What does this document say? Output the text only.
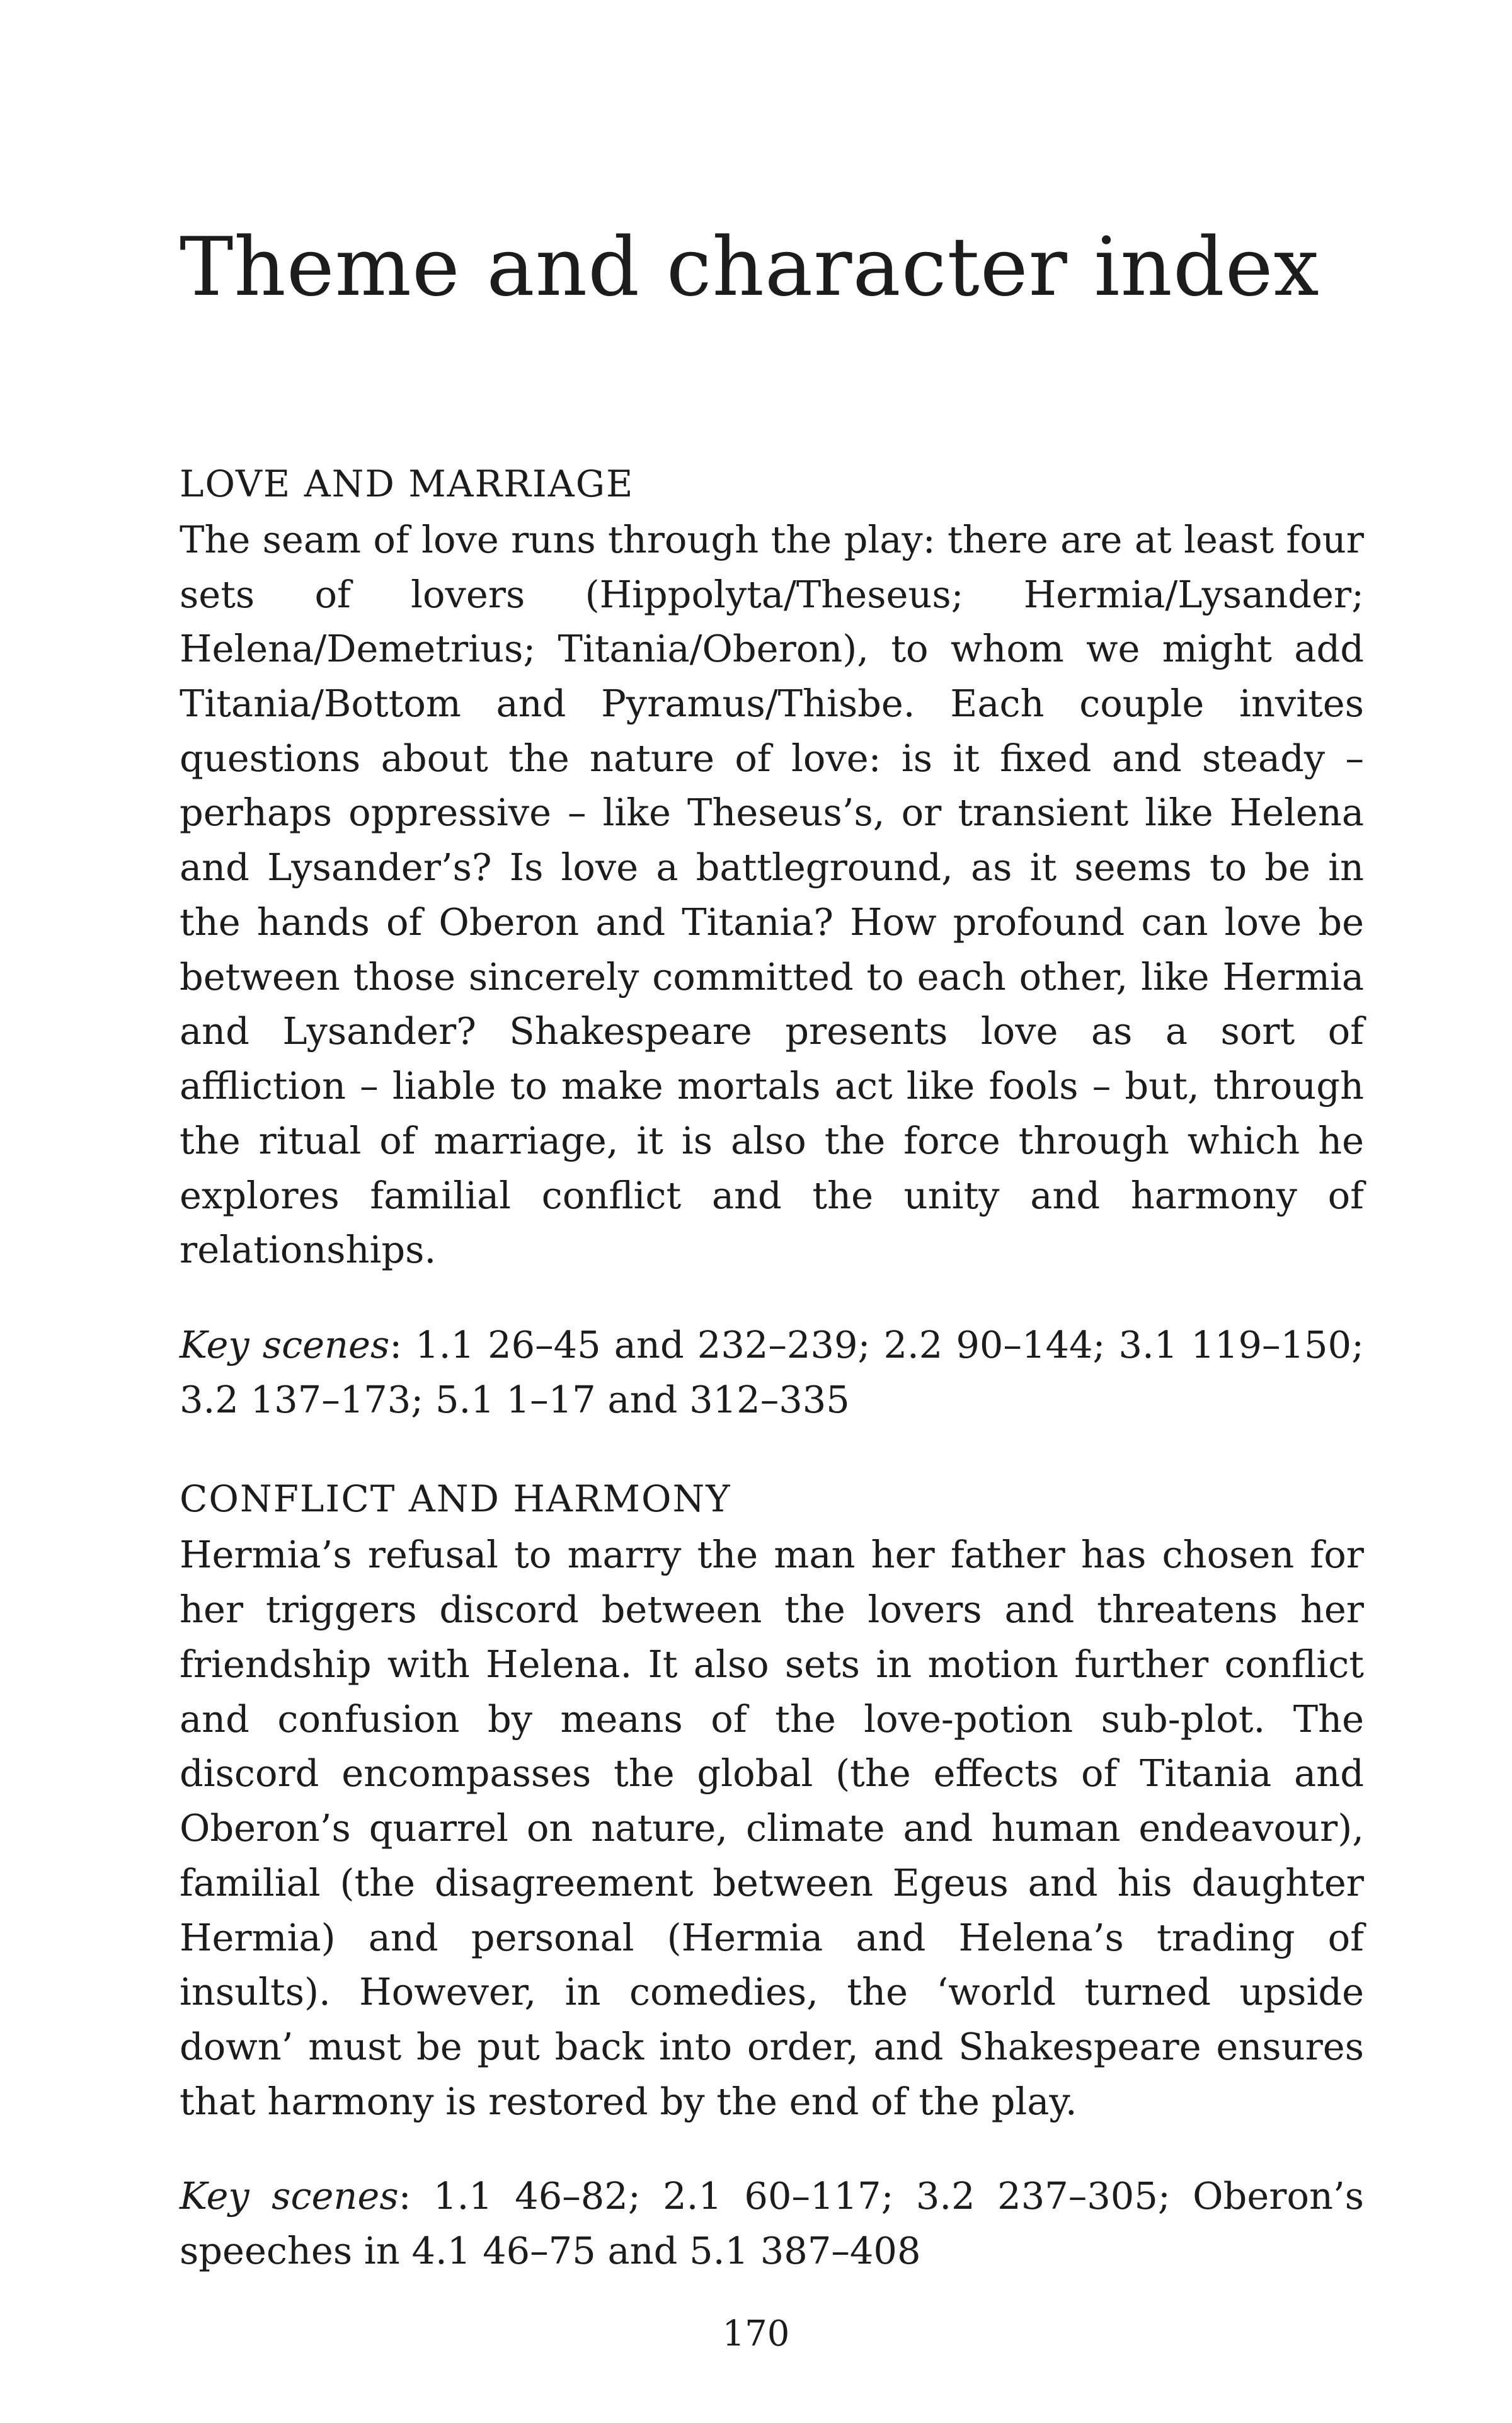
Theme and character index
LOVE AND MARRIAGE

The seam of love runs through the play: there are at least four sets of lovers (Hippolyta/Theseus; Hermia/Lysander; Helena/Demetrius; Titania/Oberon), to whom we might add Titania/Bottom and Pyramus/Thisbe. Each couple invites questions about the nature of love: is it fixed and steady – perhaps oppressive – like Theseus’s, or transient like Helena and Lysander’s? Is love a battleground, as it seems to be in the hands of Oberon and Titania? How profound can love be between those sincerely committed to each other, like Hermia and Lysander? Shakespeare presents love as a sort of affliction – liable to make mortals act like fools – but, through the ritual of marriage, it is also the force through which he explores familial conflict and the unity and harmony of relationships.

Key scenes: 1.1 26–45 and 232–239; 2.2 90–144; 3.1 119–150; 3.2 137–173; 5.1 1–17 and 312–335

CONFLICT AND HARMONY

Hermia’s refusal to marry the man her father has chosen for her triggers discord between the lovers and threatens her friendship with Helena. It also sets in motion further conflict and confusion by means of the love-potion sub-plot. The discord encompasses the global (the effects of Titania and Oberon’s quarrel on nature, climate and human endeavour), familial (the disagreement between Egeus and his daughter Hermia) and personal (Hermia and Helena’s trading of insults). However, in comedies, the ‘world turned upside down’ must be put back into order, and Shakespeare ensures that harmony is restored by the end of the play.

Key scenes: 1.1 46–82; 2.1 60–117; 3.2 237–305; Oberon’s speeches in 4.1 46–75 and 5.1 387–408

170
